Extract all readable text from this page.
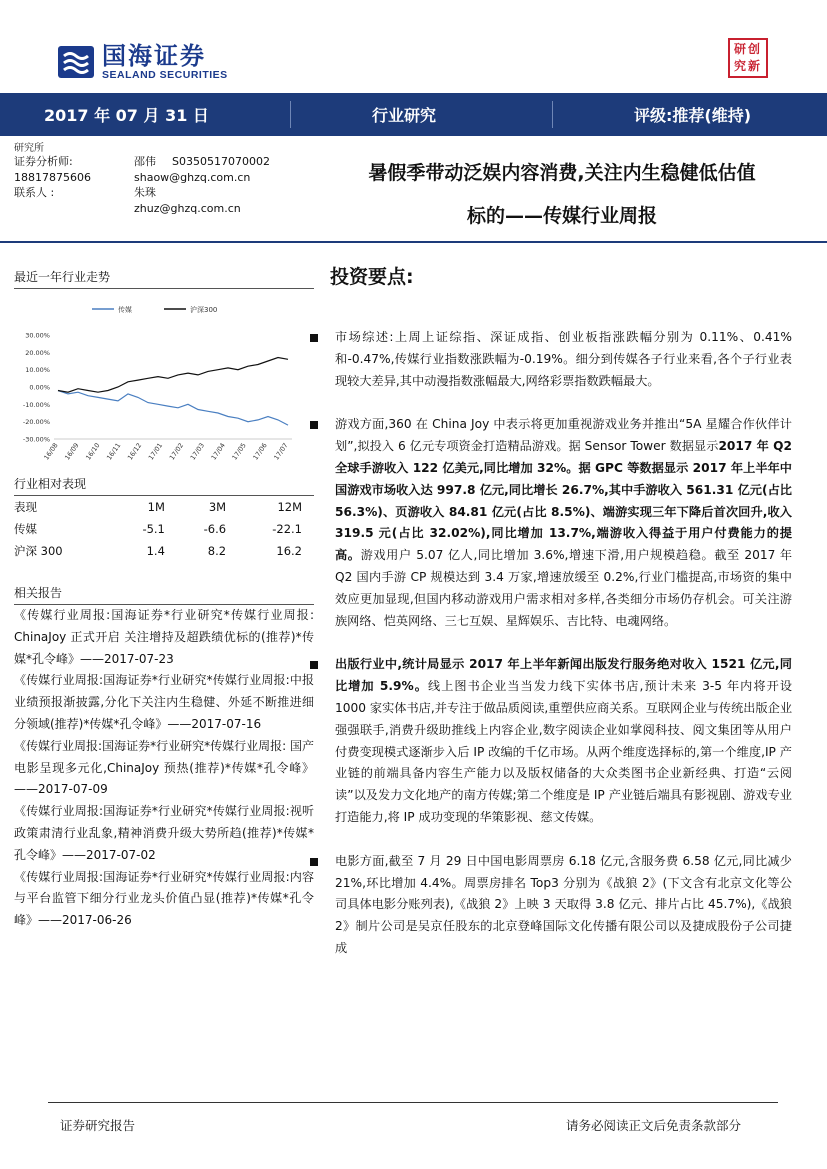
国海证券
SEALAND SECURITIES
研创
究新
2017 年 07 月 31 日	行业研究	评级:推荐(维持)
暑假季带动泛娱内容消费,关注内生稳健低估值
标的——传媒行业周报
研究所
证券分析师:	邵伟	S0350517070002
18817875606	shaow@ghzq.com.cn
联系人 :	朱珠
zhuz@ghzq.com.cn
最近一年行业走势
传媒	沪深300
30.00%
20.00%
10.00%
0.00%
-10.00%
-20.00%
-30.00%
16/08 16/09 16/10 16/11 16/12 17/01 17/02 17/03 17/04 17/05 17/06 17/07
行业相对表现
表现	1M	3M	12M
传媒	-5.1	-6.6	-22.1
沪深 300	1.4	8.2	16.2
相关报告
《传媒行业周报:国海证券*行业研究*传媒行业周报: ChinaJoy 正式开启 关注增持及超跌绩优标的(推荐)*传媒*孔令峰》——2017-07-23
《传媒行业周报:国海证券*行业研究*传媒行业周报:中报业绩预报渐披露,分化下关注内生稳健、外延不断推进细分领域(推荐)*传媒*孔令峰》——2017-07-16
《传媒行业周报:国海证券*行业研究*传媒行业周报: 国产电影呈现多元化,ChinaJoy 预热(推荐)*传媒*孔令峰》——2017-07-09
《传媒行业周报:国海证券*行业研究*传媒行业周报:视听政策肃清行业乱象,精神消费升级大势所趋(推荐)*传媒*孔令峰》——2017-07-02
《传媒行业周报:国海证券*行业研究*传媒行业周报:内容与平台监管下细分行业龙头价值凸显(推荐)*传媒*孔令峰》——2017-06-26
投资要点:
市场综述:上周上证综指、深证成指、创业板指涨跌幅分别为 0.11%、0.41%和-0.47%,传媒行业指数涨跌幅为-0.19%。细分到传媒各子行业来看,各个子行业表现较大差异,其中动漫指数涨幅最大,网络彩票指数跌幅最大。
游戏方面,360 在 China Joy 中表示将更加重视游戏业务并推出“5A 星耀合作伙伴计划”,拟投入 6 亿元专项资金打造精品游戏。据 Sensor Tower 数据显示2017 年 Q2 全球手游收入 122 亿美元,同比增加 32%。据 GPC 等数据显示 2017 年上半年中国游戏市场收入达 997.8 亿元,同比增长 26.7%,其中手游收入 561.31 亿元(占比 56.3%)、页游收入 84.81 亿元(占比 8.5%)、端游实现三年下降后首次回升,收入 319.5 元(占比 32.02%),同比增加 13.7%,端游收入得益于用户付费能力的提高。游戏用户 5.07 亿人,同比增加 3.6%,增速下滑,用户规模趋稳。截至 2017 年 Q2 国内手游 CP 规模达到 3.4 万家,增速放缓至 0.2%,行业门槛提高,市场资的集中效应更加显现,但国内移动游戏用户需求相对多样,各类细分市场仍存机会。可关注游族网络、恺英网络、三七互娱、星辉娱乐、吉比特、电魂网络。
出版行业中,统计局显示 2017 年上半年新闻出版发行服务绝对收入 1521 亿元,同比增加 5.9%。线上图书企业当当发力线下实体书店,预计未来 3-5 年内将开设 1000 家实体书店,并专注于做品质阅读,重塑供应商关系。互联网企业与传统出版企业强强联手,消费升级助推线上内容企业,数字阅读企业如掌阅科技、阅文集团等从用户付费变现模式逐渐步入后 IP 改编的千亿市场。从两个维度选择标的,第一个维度,IP 产业链的前端具备内容生产能力以及版权储备的大众类图书企业新经典、打造“云阅读”以及发力文化地产的南方传媒;第二个维度是 IP 产业链后端具有影视剧、游戏专业打造能力,将 IP 成功变现的华策影视、慈文传媒。
电影方面,截至 7 月 29 日中国电影周票房 6.18 亿元,含服务费 6.58 亿元,同比减少 21%,环比增加 4.4%。周票房排名 Top3 分别为《战狼 2》(下文含有北京文化等公司具体电影分账列表),《战狼 2》上映 3 天取得 3.8 亿元、排片占比 45.7%),《战狼 2》制片公司是吴京任股东的北京登峰国际文化传播有限公司以及捷成股份子公司捷成
证券研究报告	请务必阅读正文后免责条款部分
